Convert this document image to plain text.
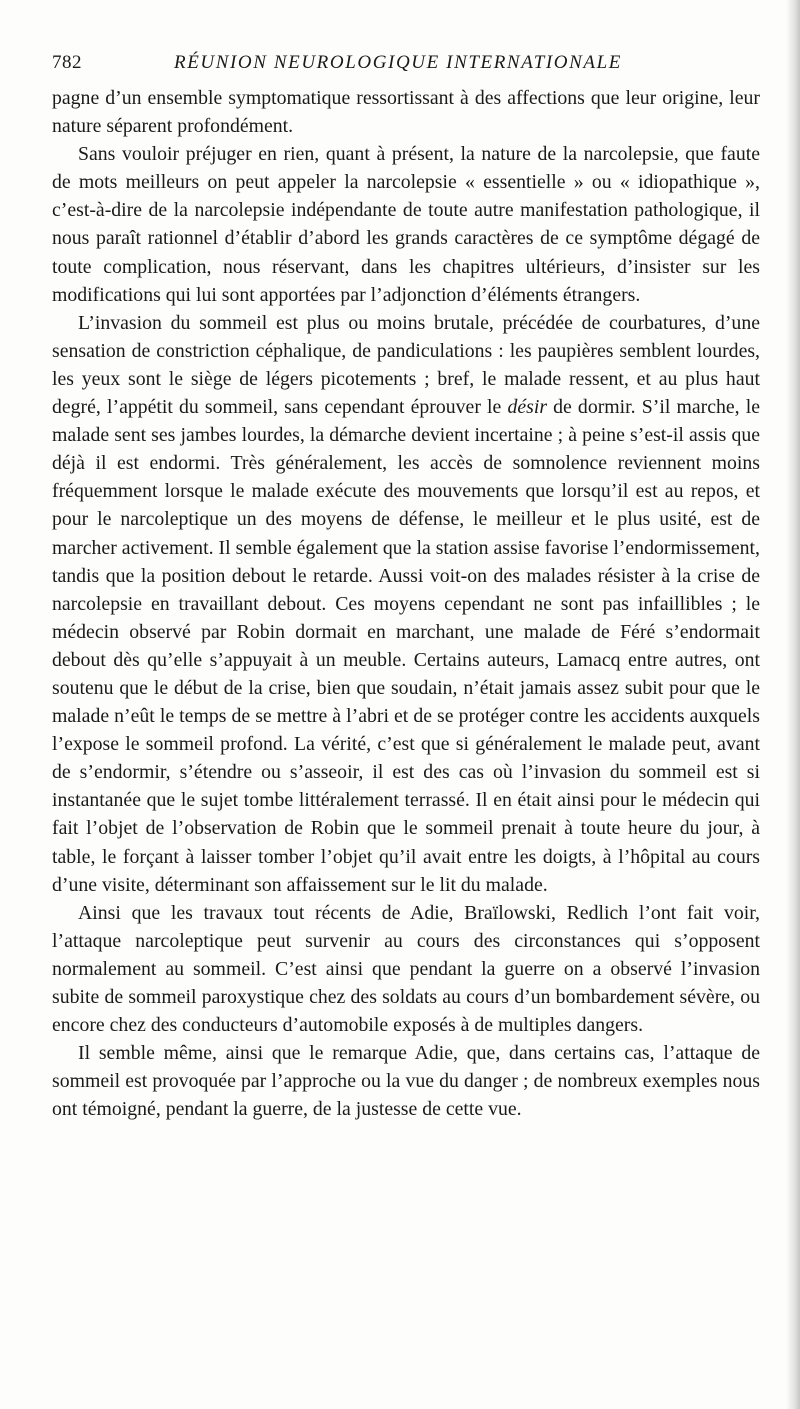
782	RÉUNION NEUROLOGIQUE INTERNATIONALE

pagne d’un ensemble symptomatique ressortissant à des affections que leur origine, leur nature séparent profondément.

Sans vouloir préjuger en rien, quant à présent, la nature de la narcolepsie, que faute de mots meilleurs on peut appeler la narcolepsie « essentielle » ou « idiopathique », c’est-à-dire de la narcolepsie indépendante de toute autre manifestation pathologique, il nous paraît rationnel d’établir d’abord les grands caractères de ce symptôme dégagé de toute complication, nous réservant, dans les chapitres ultérieurs, d’insister sur les modifications qui lui sont apportées par l’adjonction d’éléments étrangers.

L’invasion du sommeil est plus ou moins brutale, précédée de courbatures, d’une sensation de constriction céphalique, de pandiculations : les paupières semblent lourdes, les yeux sont le siège de légers picotements ; bref, le malade ressent, et au plus haut degré, l’appétit du sommeil, sans cependant éprouver le désir de dormir. S’il marche, le malade sent ses jambes lourdes, la démarche devient incertaine ; à peine s’est-il assis que déjà il est endormi. Très généralement, les accès de somnolence reviennent moins fréquemment lorsque le malade exécute des mouvements que lorsqu’il est au repos, et pour le narcoleptique un des moyens de défense, le meilleur et le plus usité, est de marcher activement. Il semble également que la station assise favorise l’endormissement, tandis que la position debout le retarde. Aussi voit-on des malades résister à la crise de narcolepsie en travaillant debout. Ces moyens cependant ne sont pas infaillibles ; le médecin observé par Robin dormait en marchant, une malade de Féré s’endormait debout dès qu’elle s’appuyait à un meuble. Certains auteurs, Lamacq entre autres, ont soutenu que le début de la crise, bien que soudain, n’était jamais assez subit pour que le malade n’eût le temps de se mettre à l’abri et de se protéger contre les accidents auxquels l’expose le sommeil profond. La vérité, c’est que si généralement le malade peut, avant de s’endormir, s’étendre ou s’asseoir, il est des cas où l’invasion du sommeil est si instantanée que le sujet tombe littéralement terrassé. Il en était ainsi pour le médecin qui fait l’objet de l’observation de Robin que le sommeil prenait à toute heure du jour, à table, le forçant à laisser tomber l’objet qu’il avait entre les doigts, à l’hôpital au cours d’une visite, déterminant son affaissement sur le lit du malade.

Ainsi que les travaux tout récents de Adie, Braïlowski, Redlich l’ont fait voir, l’attaque narcoleptique peut survenir au cours des circonstances qui s’opposent normalement au sommeil. C’est ainsi que pendant la guerre on a observé l’invasion subite de sommeil paroxystique chez des soldats au cours d’un bombardement sévère, ou encore chez des conducteurs d’automobile exposés à de multiples dangers.

Il semble même, ainsi que le remarque Adie, que, dans certains cas, l’attaque de sommeil est provoquée par l’approche ou la vue du danger ; de nombreux exemples nous ont témoigné, pendant la guerre, de la justesse de cette vue.
